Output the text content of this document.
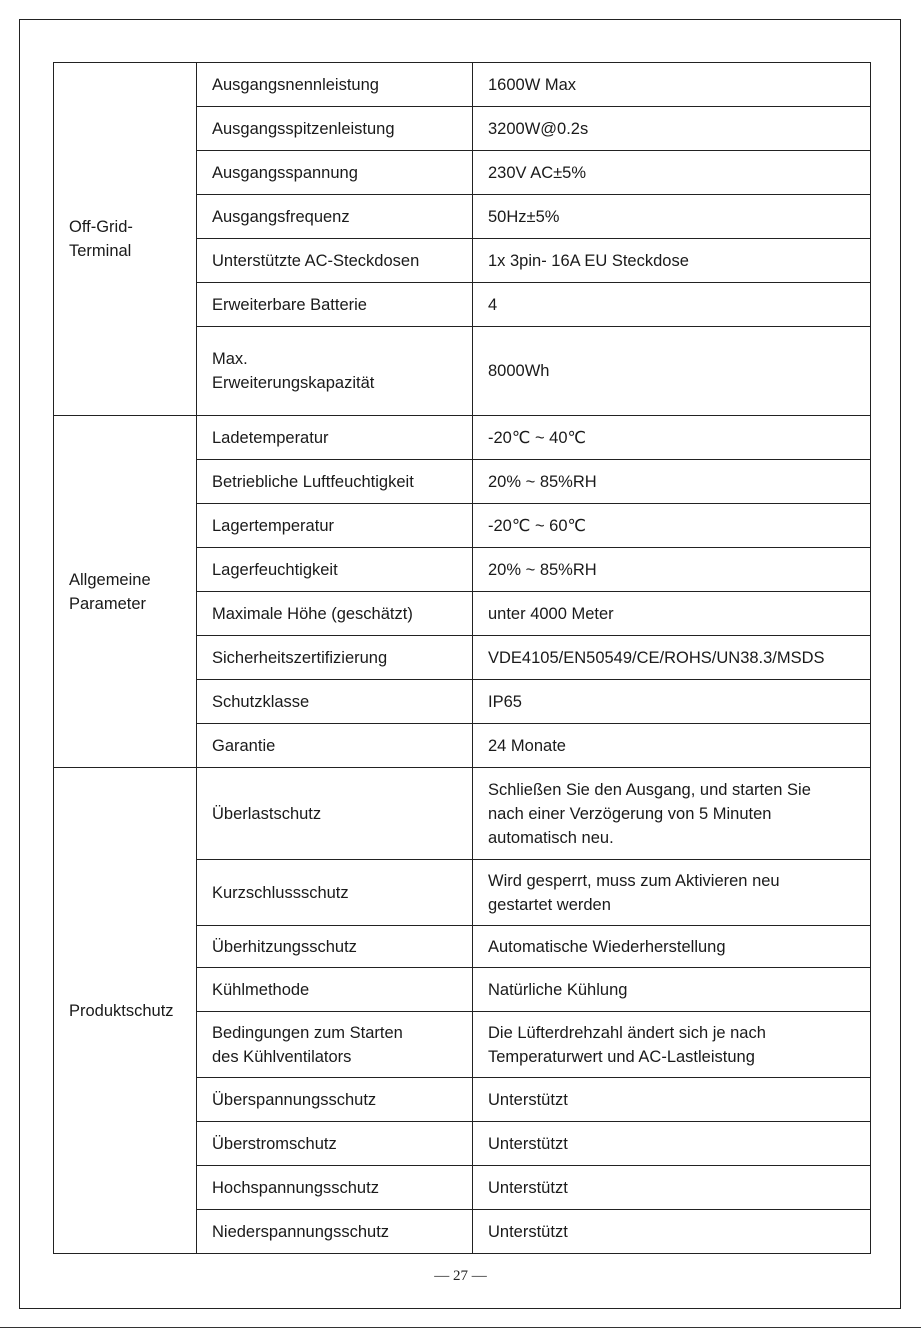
Off-Grid-
Terminal	Ausgangsnennleistung	1600W Max
	Ausgangsspitzenleistung	3200W@0.2s
	Ausgangsspannung	230V AC±5%
	Ausgangsfrequenz	50Hz±5%
	Unterstützte AC-Steckdosen	1x 3pin- 16A EU Steckdose
	Erweiterbare Batterie	4
	Max.
Erweiterungskapazität	8000Wh
Allgemeine
Parameter	Ladetemperatur	-20℃ ~ 40℃
	Betriebliche Luftfeuchtigkeit	20% ~ 85%RH
	Lagertemperatur	-20℃ ~ 60℃
	Lagerfeuchtigkeit	20% ~ 85%RH
	Maximale Höhe (geschätzt)	unter 4000 Meter
	Sicherheitszertifizierung	VDE4105/EN50549/CE/ROHS/UN38.3/MSDS
	Schutzklasse	IP65
	Garantie	24 Monate
Produktschutz	Überlastschutz	Schließen Sie den Ausgang, und starten Sie nach einer Verzögerung von 5 Minuten automatisch neu.
	Kurzschlussschutz	Wird gesperrt, muss zum Aktivieren neu gestartet werden
	Überhitzungsschutz	Automatische Wiederherstellung
	Kühlmethode	Natürliche Kühlung
	Bedingungen zum Starten des Kühlventilators	Die Lüfterdrehzahl ändert sich je nach Temperaturwert und AC-Lastleistung
	Überspannungsschutz	Unterstützt
	Überstromschutz	Unterstützt
	Hochspannungsschutz	Unterstützt
	Niederspannungsschutz	Unterstützt
— 27 —
